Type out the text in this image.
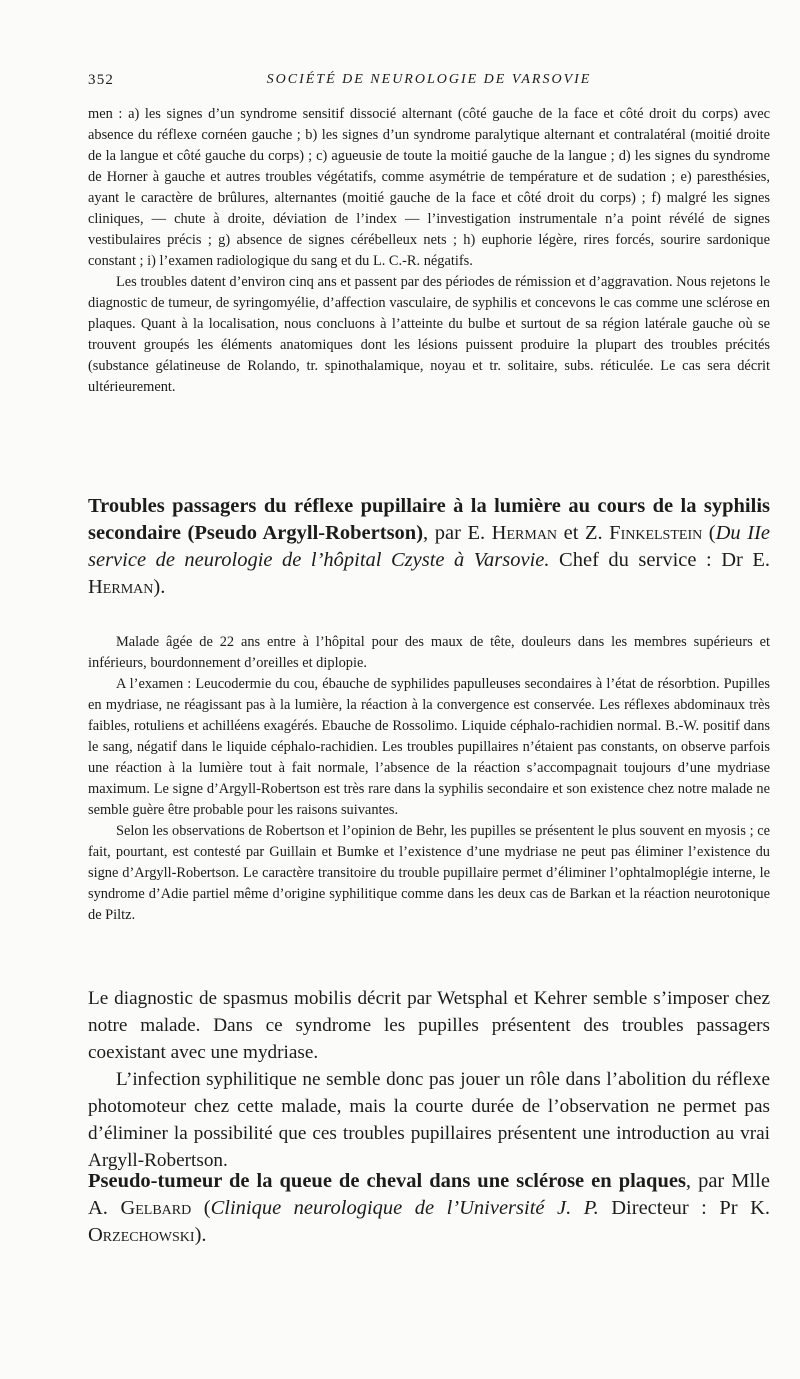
352	SOCIÉTÉ DE NEUROLOGIE DE VARSOVIE

men : a) les signes d’un syndrome sensitif dissocié alternant (côté gauche de la face et côté droit du corps) avec absence du réflexe cornéen gauche ; b) les signes d’un syndrome paralytique alternant et contralatéral (moitié droite de la langue et côté gauche du corps) ; c) agueusie de toute la moitié gauche de la langue ; d) les signes du syndrome de Horner à gauche et autres troubles végétatifs, comme asymétrie de température et de sudation ; e) paresthésies, ayant le caractère de brûlures, alternantes (moitié gauche de la face et côté droit du corps) ; f) malgré les signes cliniques, — chute à droite, déviation de l’index — l’investigation instrumentale n’a point révélé de signes vestibulaires précis ; g) absence de signes cérébelleux nets ; h) euphorie légère, rires forcés, sourire sardonique constant ; i) l’examen radiologique du sang et du L. C.-R. négatifs.

Les troubles datent d’environ cinq ans et passent par des périodes de rémission et d’aggravation. Nous rejetons le diagnostic de tumeur, de syringomyélie, d’affection vasculaire, de syphilis et concevons le cas comme une sclérose en plaques. Quant à la localisation, nous concluons à l’atteinte du bulbe et surtout de sa région latérale gauche où se trouvent groupés les éléments anatomiques dont les lésions puissent produire la plupart des troubles précités (substance gélatineuse de Rolando, tr. spinothalamique, noyau et tr. solitaire, subs. réticulée. Le cas sera décrit ultérieurement.

Troubles passagers du réflexe pupillaire à la lumière au cours de la syphilis secondaire (Pseudo Argyll-Robertson), par E. Herman et Z. Finkelstein (Du IIe service de neurologie de l’hôpital Czyste à Varsovie. Chef du service : Dr E. Herman).

Malade âgée de 22 ans entre à l’hôpital pour des maux de tête, douleurs dans les membres supérieurs et inférieurs, bourdonnement d’oreilles et diplopie.

A l’examen : Leucodermie du cou, ébauche de syphilides papulleuses secondaires à l’état de résorbtion. Pupilles en mydriase, ne réagissant pas à la lumière, la réaction à la convergence est conservée. Les réflexes abdominaux très faibles, rotuliens et achilléens exagérés. Ebauche de Rossolimo. Liquide céphalo-rachidien normal. B.-W. positif dans le sang, négatif dans le liquide céphalo-rachidien. Les troubles pupillaires n’étaient pas constants, on observe parfois une réaction à la lumière tout à fait normale, l’absence de la réaction s’accompagnait toujours d’une mydriase maximum. Le signe d’Argyll-Robertson est très rare dans la syphilis secondaire et son existence chez notre malade ne semble guère être probable pour les raisons suivantes.

Selon les observations de Robertson et l’opinion de Behr, les pupilles se présentent le plus souvent en myosis ; ce fait, pourtant, est contesté par Guillain et Bumke et l’existence d’une mydriase ne peut pas éliminer l’existence du signe d’Argyll-Robertson. Le caractère transitoire du trouble pupillaire permet d’éliminer l’ophtalmoplégie interne, le syndrome d’Adie partiel même d’origine syphilitique comme dans les deux cas de Barkan et la réaction neurotonique de Piltz.

Le diagnostic de spasmus mobilis décrit par Wetsphal et Kehrer semble s’imposer chez notre malade. Dans ce syndrome les pupilles présentent des troubles passagers coexistant avec une mydriase.

L’infection syphilitique ne semble donc pas jouer un rôle dans l’abolition du réflexe photomoteur chez cette malade, mais la courte durée de l’observation ne permet pas d’éliminer la possibilité que ces troubles pupillaires présentent une introduction au vrai Argyll-Robertson.

Pseudo-tumeur de la queue de cheval dans une sclérose en plaques, par Mlle A. Gelbard (Clinique neurologique de l’Université J. P. Directeur : Pr K. Orzechowski).
